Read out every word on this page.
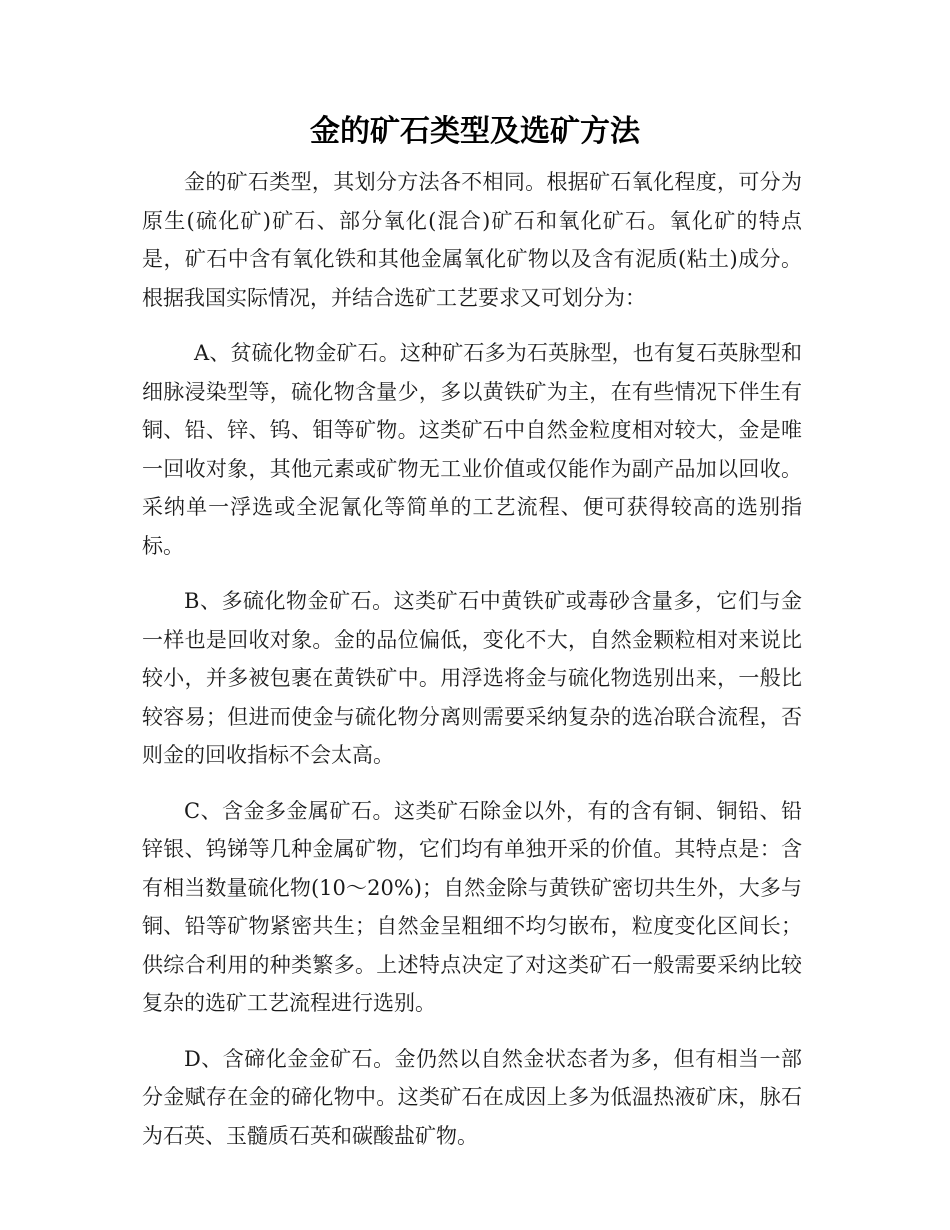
金的矿石类型及选矿方法

金的矿石类型，其划分方法各不相同。根据矿石氧化程度，可分为原生(硫化矿)矿石、部分氧化(混合)矿石和氧化矿石。氧化矿的特点是，矿石中含有氧化铁和其他金属氧化矿物以及含有泥质(粘土)成分。根据我国实际情况，并结合选矿工艺要求又可划分为：

A、贫硫化物金矿石。这种矿石多为石英脉型，也有复石英脉型和细脉浸染型等，硫化物含量少，多以黄铁矿为主，在有些情况下伴生有铜、铅、锌、钨、钼等矿物。这类矿石中自然金粒度相对较大，金是唯一回收对象，其他元素或矿物无工业价值或仅能作为副产品加以回收。采纳单一浮选或全泥氰化等简单的工艺流程、便可获得较高的选别指标。

B、多硫化物金矿石。这类矿石中黄铁矿或毒砂含量多，它们与金一样也是回收对象。金的品位偏低，变化不大，自然金颗粒相对来说比较小，并多被包裹在黄铁矿中。用浮选将金与硫化物选别出来，一般比较容易；但进而使金与硫化物分离则需要采纳复杂的选冶联合流程，否则金的回收指标不会太高。

C、含金多金属矿石。这类矿石除金以外，有的含有铜、铜铅、铅锌银、钨锑等几种金属矿物，它们均有单独开采的价值。其特点是：含有相当数量硫化物(10～20%)；自然金除与黄铁矿密切共生外，大多与铜、铅等矿物紧密共生；自然金呈粗细不均匀嵌布，粒度变化区间长；供综合利用的种类繁多。上述特点决定了对这类矿石一般需要采纳比较复杂的选矿工艺流程进行选别。

D、含碲化金金矿石。金仍然以自然金状态者为多，但有相当一部分金赋存在金的碲化物中。这类矿石在成因上多为低温热液矿床，脉石为石英、玉髓质石英和碳酸盐矿物。
